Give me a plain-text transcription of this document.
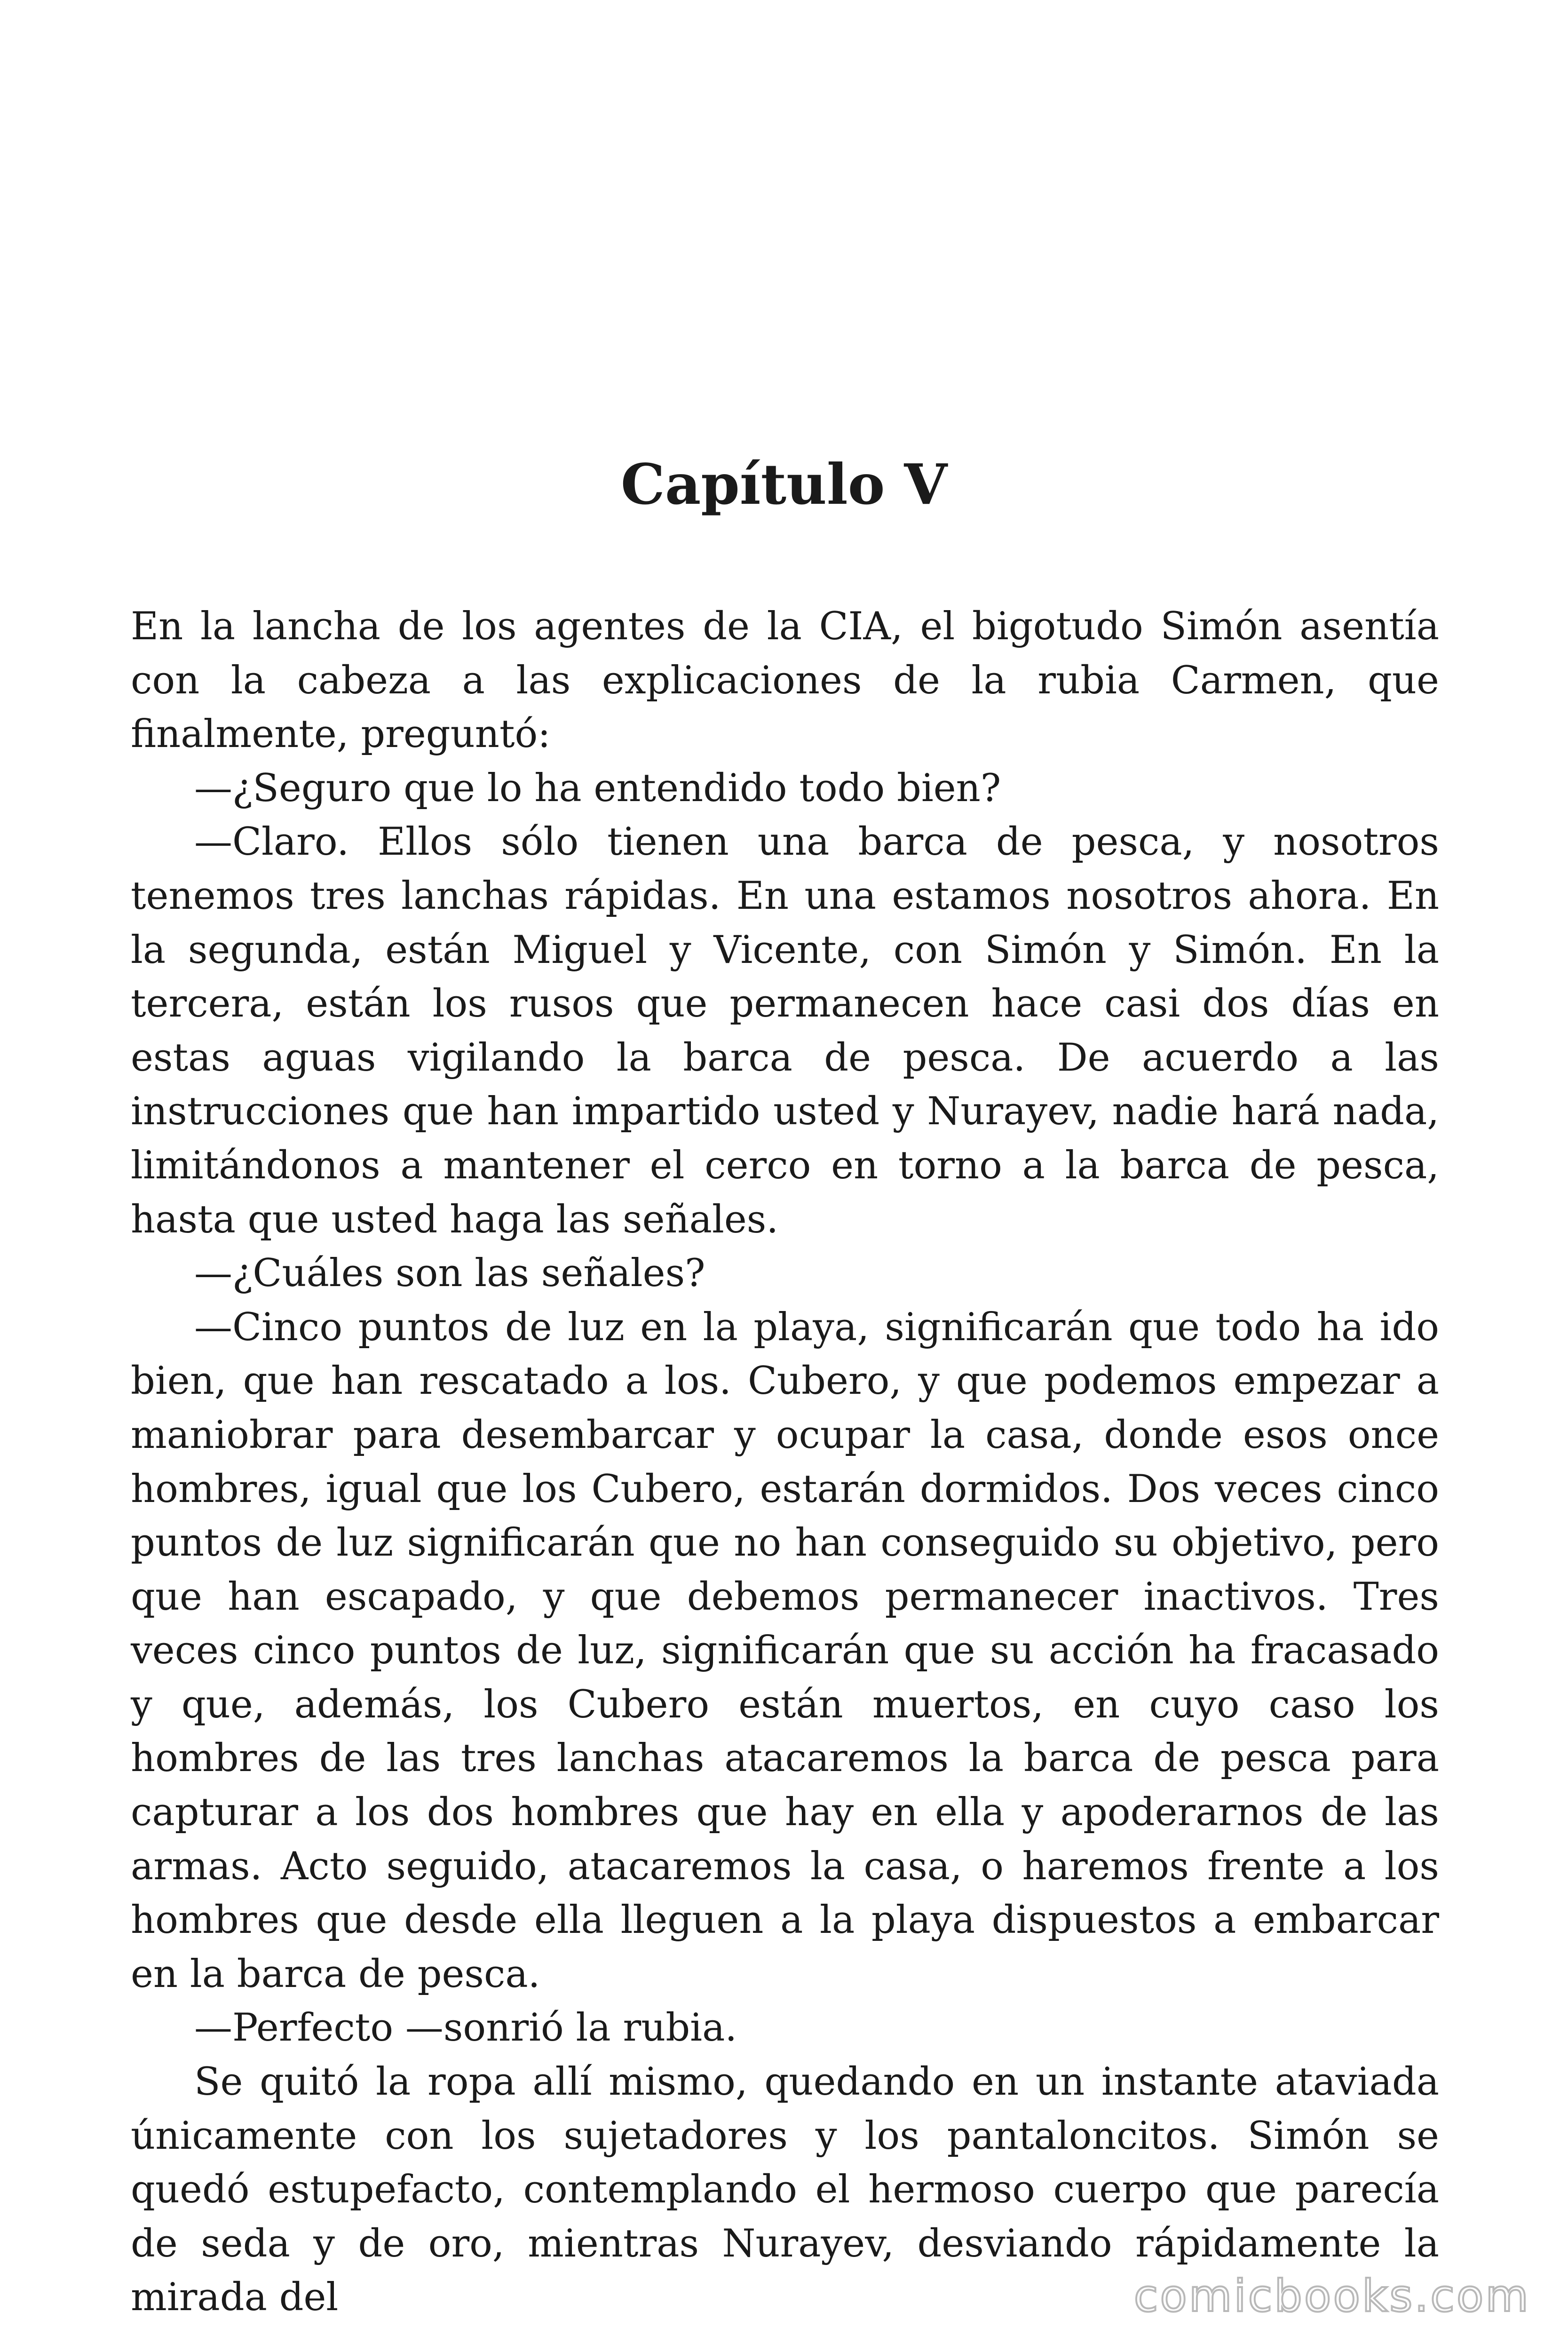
Capítulo V

En la lancha de los agentes de la CIA, el bigotudo Simón asentía con la cabeza a las explicaciones de la rubia Carmen, que finalmente, preguntó:

—¿Seguro que lo ha entendido todo bien?

—Claro. Ellos sólo tienen una barca de pesca, y nosotros tenemos tres lanchas rápidas. En una estamos nosotros ahora. En la segunda, están Miguel y Vicente, con Simón y Simón. En la tercera, están los rusos que permanecen hace casi dos días en estas aguas vigilando la barca de pesca. De acuerdo a las instrucciones que han impartido usted y Nurayev, nadie hará nada, limitándonos a mantener el cerco en torno a la barca de pesca, hasta que usted haga las señales.

—¿Cuáles son las señales?

—Cinco puntos de luz en la playa, significarán que todo ha ido bien, que han rescatado a los. Cubero, y que podemos empezar a maniobrar para desembarcar y ocupar la casa, donde esos once hombres, igual que los Cubero, estarán dormidos. Dos veces cinco puntos de luz significarán que no han conseguido su objetivo, pero que han escapado, y que debemos permanecer inactivos. Tres veces cinco puntos de luz, significarán que su acción ha fracasado y que, además, los Cubero están muertos, en cuyo caso los hombres de las tres lanchas atacaremos la barca de pesca para capturar a los dos hombres que hay en ella y apoderarnos de las armas. Acto seguido, atacaremos la casa, o haremos frente a los hombres que desde ella lleguen a la playa dispuestos a embarcar en la barca de pesca.

—Perfecto —sonrió la rubia.

Se quitó la ropa allí mismo, quedando en un instante ataviada únicamente con los sujetadores y los pantaloncitos. Simón se quedó estupefacto, contemplando el hermoso cuerpo que parecía de seda y de oro, mientras Nurayev, desviando rápidamente la mirada del	comicbooks.com
